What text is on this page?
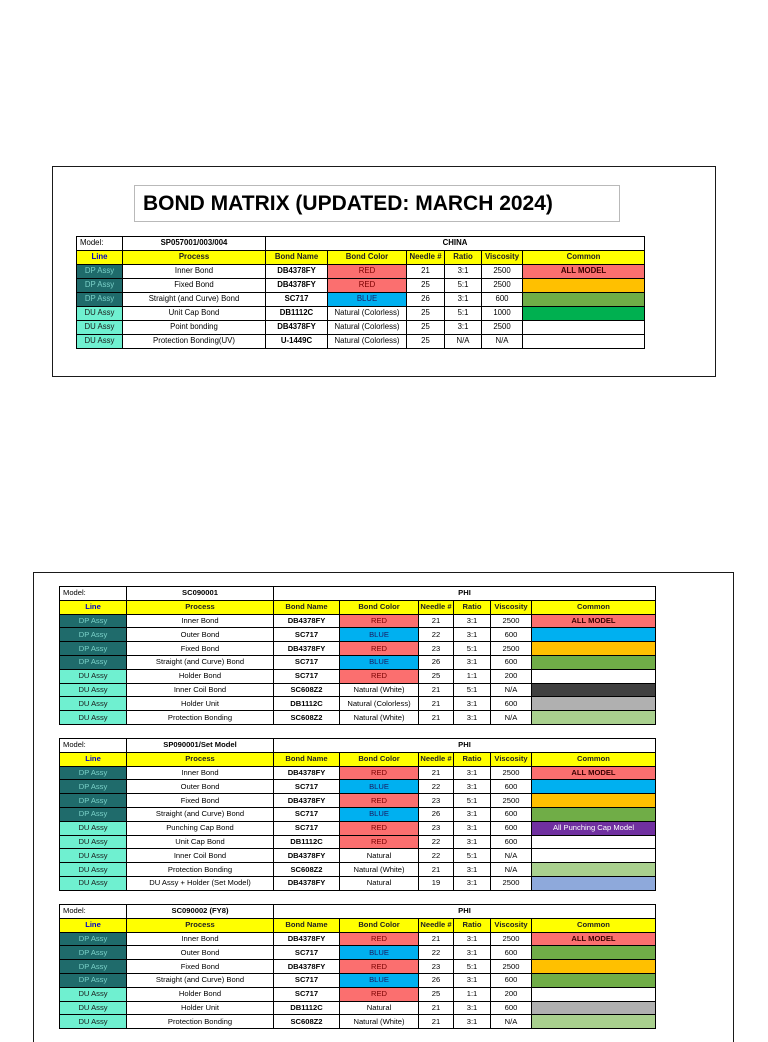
BOND MATRIX (UPDATED: MARCH 2024)
Model:	SP057001/003/004	CHINA					
Line	Process	Bond Name	Bond Color	Needle #	Ratio	Viscosity	Common
DP Assy	Inner Bond	DB4378FY	RED	21	3:1	2500	ALL MODEL
DP Assy	Fixed Bond	DB4378FY	RED	25	5:1	2500	
DP Assy	Straight (and Curve) Bond	SC717	BLUE	26	3:1	600	
DU Assy	Unit Cap Bond	DB1112C	Natural (Colorless)	25	5:1	1000	
DU Assy	Point bonding	DB4378FY	Natural (Colorless)	25	3:1	2500	
DU Assy	Protection Bonding(UV)	U-1449C	Natural (Colorless)	25	N/A	N/A	
Model:	SC090001	PHI					
Line	Process	Bond Name	Bond Color	Needle #	Ratio	Viscosity	Common
DP Assy	Inner Bond	DB4378FY	RED	21	3:1	2500	ALL MODEL
DP Assy	Outer Bond	SC717	BLUE	22	3:1	600	
DP Assy	Fixed Bond	DB4378FY	RED	23	5:1	2500	
DP Assy	Straight (and Curve) Bond	SC717	BLUE	26	3:1	600	
DU Assy	Holder Bond	SC717	RED	25	1:1	200	
DU Assy	Inner Coil Bond	SC608Z2	Natural (White)	21	5:1	N/A	
DU Assy	Holder Unit	DB1112C	Natural (Colorless)	21	3:1	600	
DU Assy	Protection Bonding	SC608Z2	Natural (White)	21	3:1	N/A	
Model:	SP090001/Set Model	PHI					
Line	Process	Bond Name	Bond Color	Needle #	Ratio	Viscosity	Common
DP Assy	Inner Bond	DB4378FY	RED	21	3:1	2500	ALL MODEL
DP Assy	Outer Bond	SC717	BLUE	22	3:1	600	
DP Assy	Fixed Bond	DB4378FY	RED	23	5:1	2500	
DP Assy	Straight (and Curve) Bond	SC717	BLUE	26	3:1	600	
DU Assy	Punching Cap Bond	SC717	RED	23	3:1	600	All Punching Cap Model
DU Assy	Unit Cap Bond	DB1112C	RED	22	3:1	600	
DU Assy	Inner Coil Bond	DB4378FY	Natural	22	5:1	N/A	
DU Assy	Protection Bonding	SC608Z2	Natural (White)	21	3:1	N/A	
DU Assy	DU Assy + Holder (Set Model)	DB4378FY	Natural	19	3:1	2500	
Model:	SC090002 (FY8)	PHI					
Line	Process	Bond Name	Bond Color	Needle #	Ratio	Viscosity	Common
DP Assy	Inner Bond	DB4378FY	RED	21	3:1	2500	ALL MODEL
DP Assy	Outer Bond	SC717	BLUE	22	3:1	600	
DP Assy	Fixed Bond	DB4378FY	RED	23	5:1	2500	
DP Assy	Straight (and Curve) Bond	SC717	BLUE	26	3:1	600	
DU Assy	Holder Bond	SC717	RED	25	1:1	200	
DU Assy	Holder Unit	DB1112C	Natural	21	3:1	600	
DU Assy	Protection Bonding	SC608Z2	Natural (White)	21	3:1	N/A	
